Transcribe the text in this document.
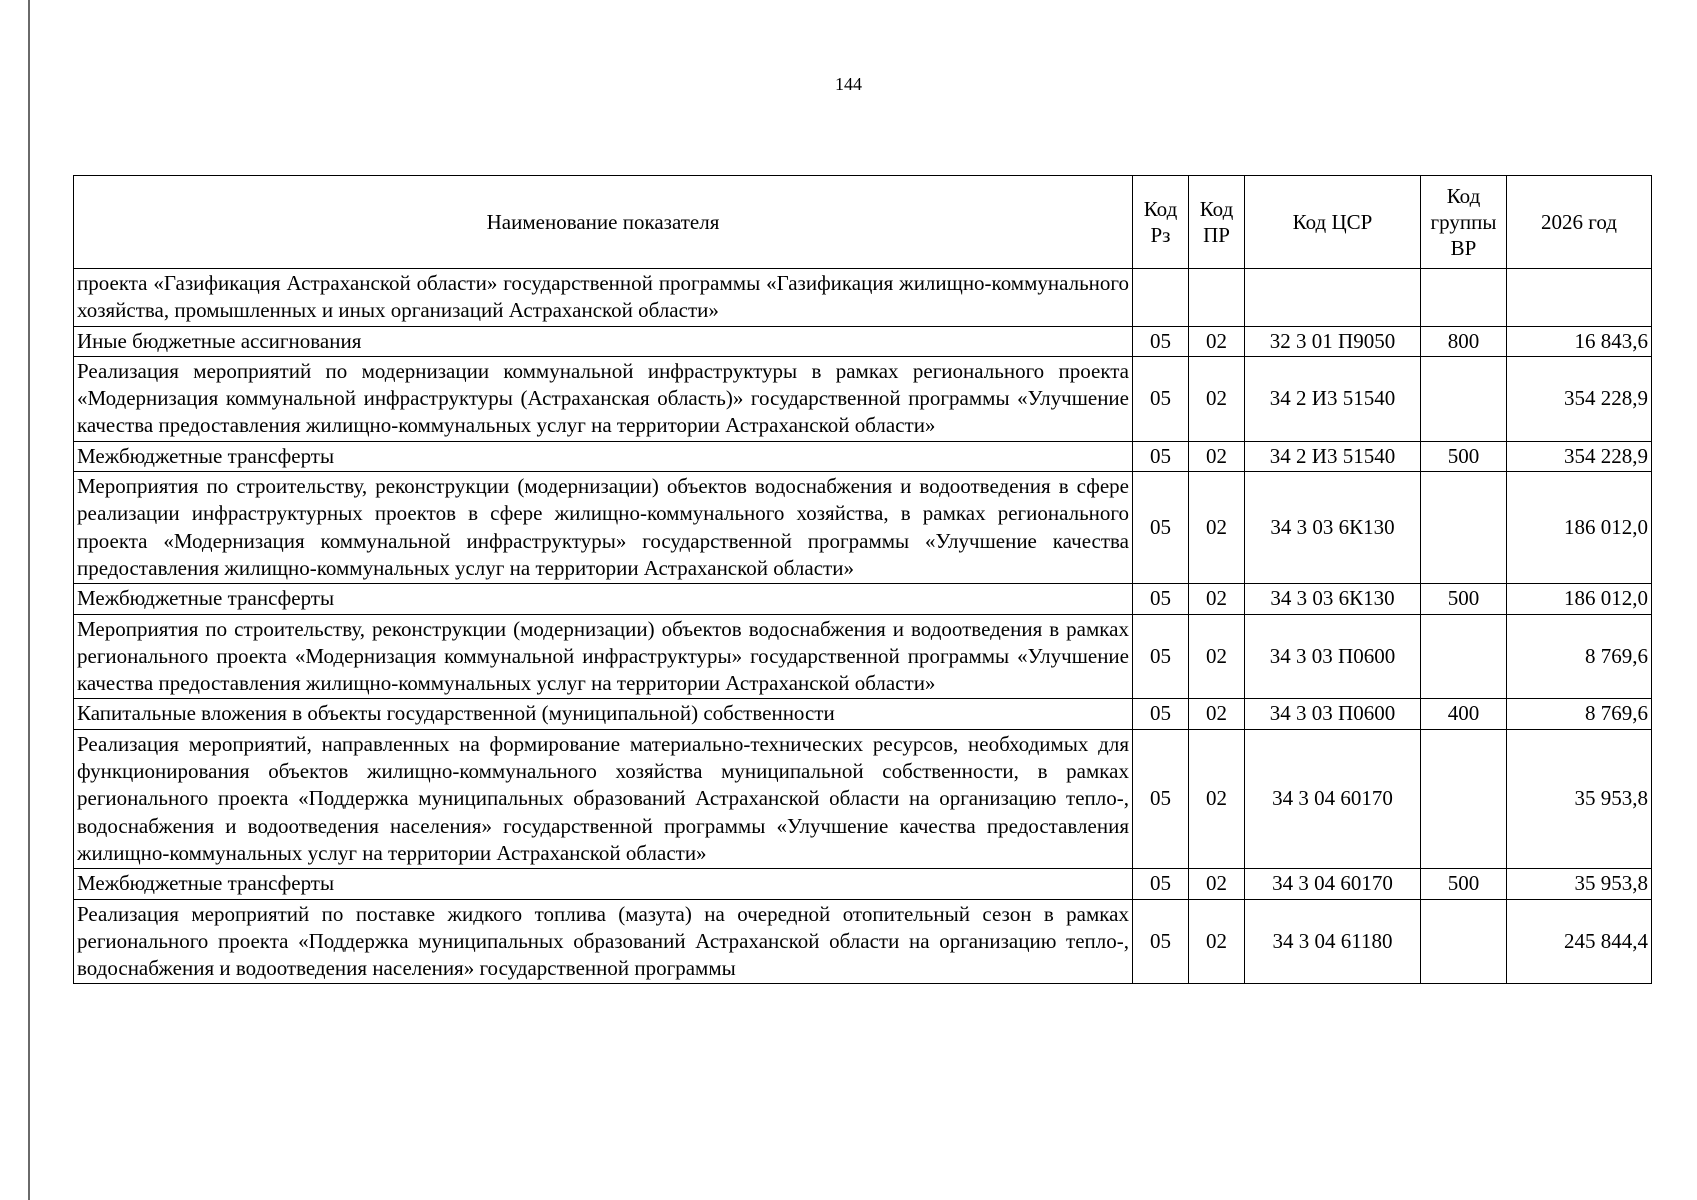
144
Наименование показателя	Код Рз	Код ПР	Код ЦСР	Код группы ВР	2026 год
проекта «Газификация Астраханской области» государственной программы «Газификация жилищно-коммунального хозяйства, промышленных и иных организаций Астраханской области»					
Иные бюджетные ассигнования	05	02	32 3 01 П9050	800	16 843,6
Реализация мероприятий по модернизации коммунальной инфраструктуры в рамках регионального проекта «Модернизация коммунальной инфраструктуры (Астраханская область)» государственной программы «Улучшение качества предоставления жилищно-коммунальных услуг на территории Астраханской области»	05	02	34 2 И3 51540		354 228,9
Межбюджетные трансферты	05	02	34 2 И3 51540	500	354 228,9
Мероприятия по строительству, реконструкции (модернизации) объектов водоснабжения и водоотведения в сфере реализации инфраструктурных проектов в сфере жилищно-коммунального хозяйства, в рамках регионального проекта «Модернизация коммунальной инфраструктуры» государственной программы «Улучшение качества предоставления жилищно-коммунальных услуг на территории Астраханской области»	05	02	34 3 03 6К130		186 012,0
Межбюджетные трансферты	05	02	34 3 03 6К130	500	186 012,0
Мероприятия по строительству, реконструкции (модернизации) объектов водоснабжения и водоотведения в рамках регионального проекта «Модернизация коммунальной инфраструктуры» государственной программы «Улучшение качества предоставления жилищно-коммунальных услуг на территории Астраханской области»	05	02	34 3 03 П0600		8 769,6
Капитальные вложения в объекты государственной (муниципальной) собственности	05	02	34 3 03 П0600	400	8 769,6
Реализация мероприятий, направленных на формирование материально-технических ресурсов, необходимых для функционирования объектов жилищно-коммунального хозяйства муниципальной собственности, в рамках регионального проекта «Поддержка муниципальных образований Астраханской области на организацию тепло-, водоснабжения и водоотведения населения» государственной программы «Улучшение качества предоставления жилищно-коммунальных услуг на территории Астраханской области»	05	02	34 3 04 60170		35 953,8
Межбюджетные трансферты	05	02	34 3 04 60170	500	35 953,8
Реализация мероприятий по поставке жидкого топлива (мазута) на очередной отопительный сезон в рамках регионального проекта «Поддержка муниципальных образований Астраханской области на организацию тепло-, водоснабжения и водоотведения населения» государственной программы	05	02	34 3 04 61180		245 844,4
